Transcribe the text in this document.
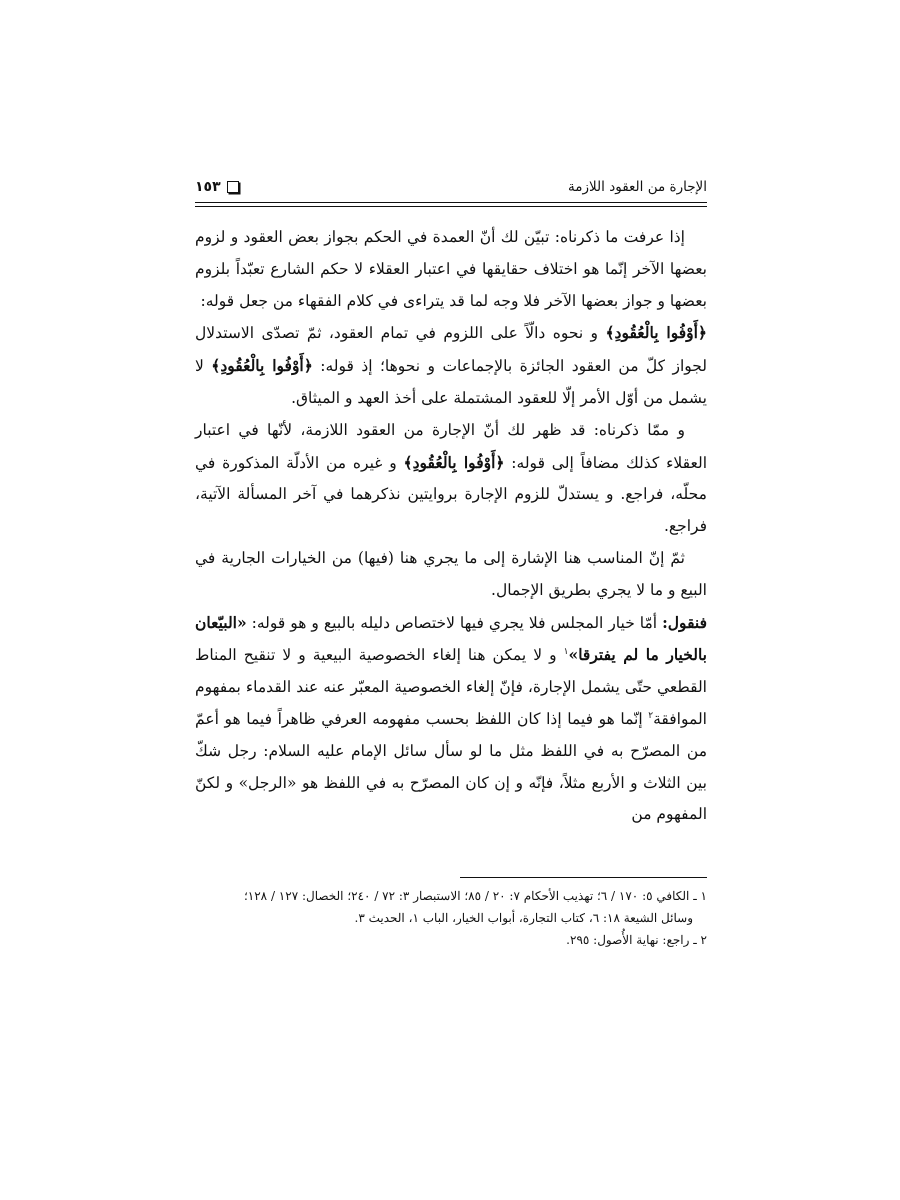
الإجارة من العقود اللازمة
١٥٣

إذا عرفت ما ذكرناه: تبيّن لك أنّ العمدة في الحكم بجواز بعض العقود و لزوم بعضها الآخر إنّما هو اختلاف حقايقها في اعتبار العقلاء لا حكم الشارع تعبّداً بلزوم بعضها و جواز بعضها الآخر فلا وجه لما قد يتراءى في كلام الفقهاء من جعل قوله:
﴿أَوْفُوا بِالْعُقُودِ﴾ و نحوه دالّاً على اللزوم في تمام العقود، ثمّ تصدّى الاستدلال لجواز كلّ من العقود الجائزة بالإجماعات و نحوها؛ إذ قوله: ﴿أَوْفُوا بِالْعُقُودِ﴾ لا يشمل من أوّل الأمر إلّا للعقود المشتملة على أخذ العهد و الميثاق.

و ممّا ذكرناه: قد ظهر لك أنّ الإجارة من العقود اللازمة، لأنّها في اعتبار العقلاء كذلك مضافاً إلى قوله: ﴿أَوْفُوا بِالْعُقُودِ﴾ و غيره من الأدلّة المذكورة في محلّه، فراجع. و يستدلّ للزوم الإجارة بروايتين نذكرهما في آخر المسألة الآتية، فراجع.

ثمّ إنّ المناسب هنا الإشارة إلى ما يجري هنا (فيها) من الخيارات الجارية في البيع و ما لا يجري بطريق الإجمال.

فنقول: أمّا خيار المجلس فلا يجري فيها لاختصاص دليله بالبيع و هو قوله: «البيّعان بالخيار ما لم يفترقا»$^١$ و لا يمكن هنا إلغاء الخصوصية البيعية و لا تنقيح المناط القطعي حتّى يشمل الإجارة، فإنّ إلغاء الخصوصية المعبّر عنه عند القدماء بمفهوم الموافقة$^٢$ إنّما هو فيما إذا كان اللفظ بحسب مفهومه العرفي ظاهراً فيما هو أعمّ من المصرّح به في اللفظ مثل ما لو سأل سائل الإمام عليه السلام: رجل شكّ بين الثلاث و الأربع مثلاً، فإنّه و إن كان المصرّح به في اللفظ هو «الرجل» و لكنّ المفهوم من

١ ـ الكافي ٥: ١٧٠ / ٦؛ تهذيب الأحكام ٧: ٢٠ / ٨٥؛ الاستبصار ٣: ٧٢ / ٢٤٠؛ الخصال: ١٢٧ / ١٢٨؛

وسائل الشيعة ١٨: ٦، كتاب التجارة، أبواب الخيار، الباب ١، الحديث ٣.

٢ ـ راجع: نهاية الأُصول: ٢٩٥.
